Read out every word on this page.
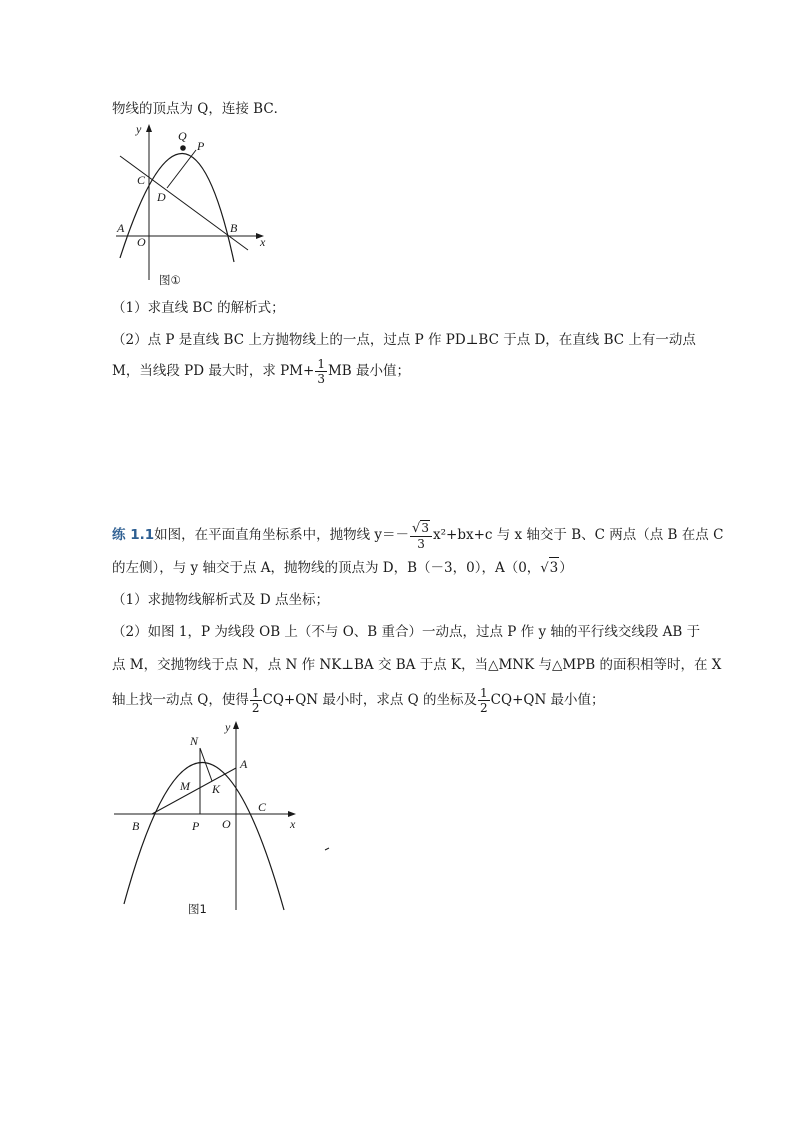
物线的顶点为 Q，连接 BC．
y
x
Q
P
C
D
A
O
B
图①
（1）求直线 BC 的解析式；
（2）点 P 是直线 BC 上方抛物线上的一点，过点 P 作 PD⊥BC 于点 D，在直线 BC 上有一动点
M，当线段 PD 最大时，求 $PM+ \frac{1}{3}$ MB 最小值；
练 1.1如图，在平面直角坐标系中，抛物线 $y=- \frac{√3}{3} x^2+bx+c$ 与 x 轴交于 B、C 两点（点 B 在点 C
的左侧），与 y 轴交于点 A，抛物线的顶点为 D，B（－3，0），A（0，√3）
（1）求抛物线解析式及 D 点坐标；
（2）如图 1，P 为线段 OB 上（不与 O、B 重合）一动点，过点 P 作 y 轴的平行线交线段 AB 于
点 M，交抛物线于点 N，点 N 作 NK⊥BA 交 BA 于点 K，当△MNK 与△MPB 的面积相等时，在 X
轴上找一动点 Q，使得 $\frac{1}{2} CQ+QN$ 最小时，求点 Q 的坐标及 $\frac{1}{2} CQ+QN$ 最小值；
y
x
N
A
M K
B	P O
C
图1
